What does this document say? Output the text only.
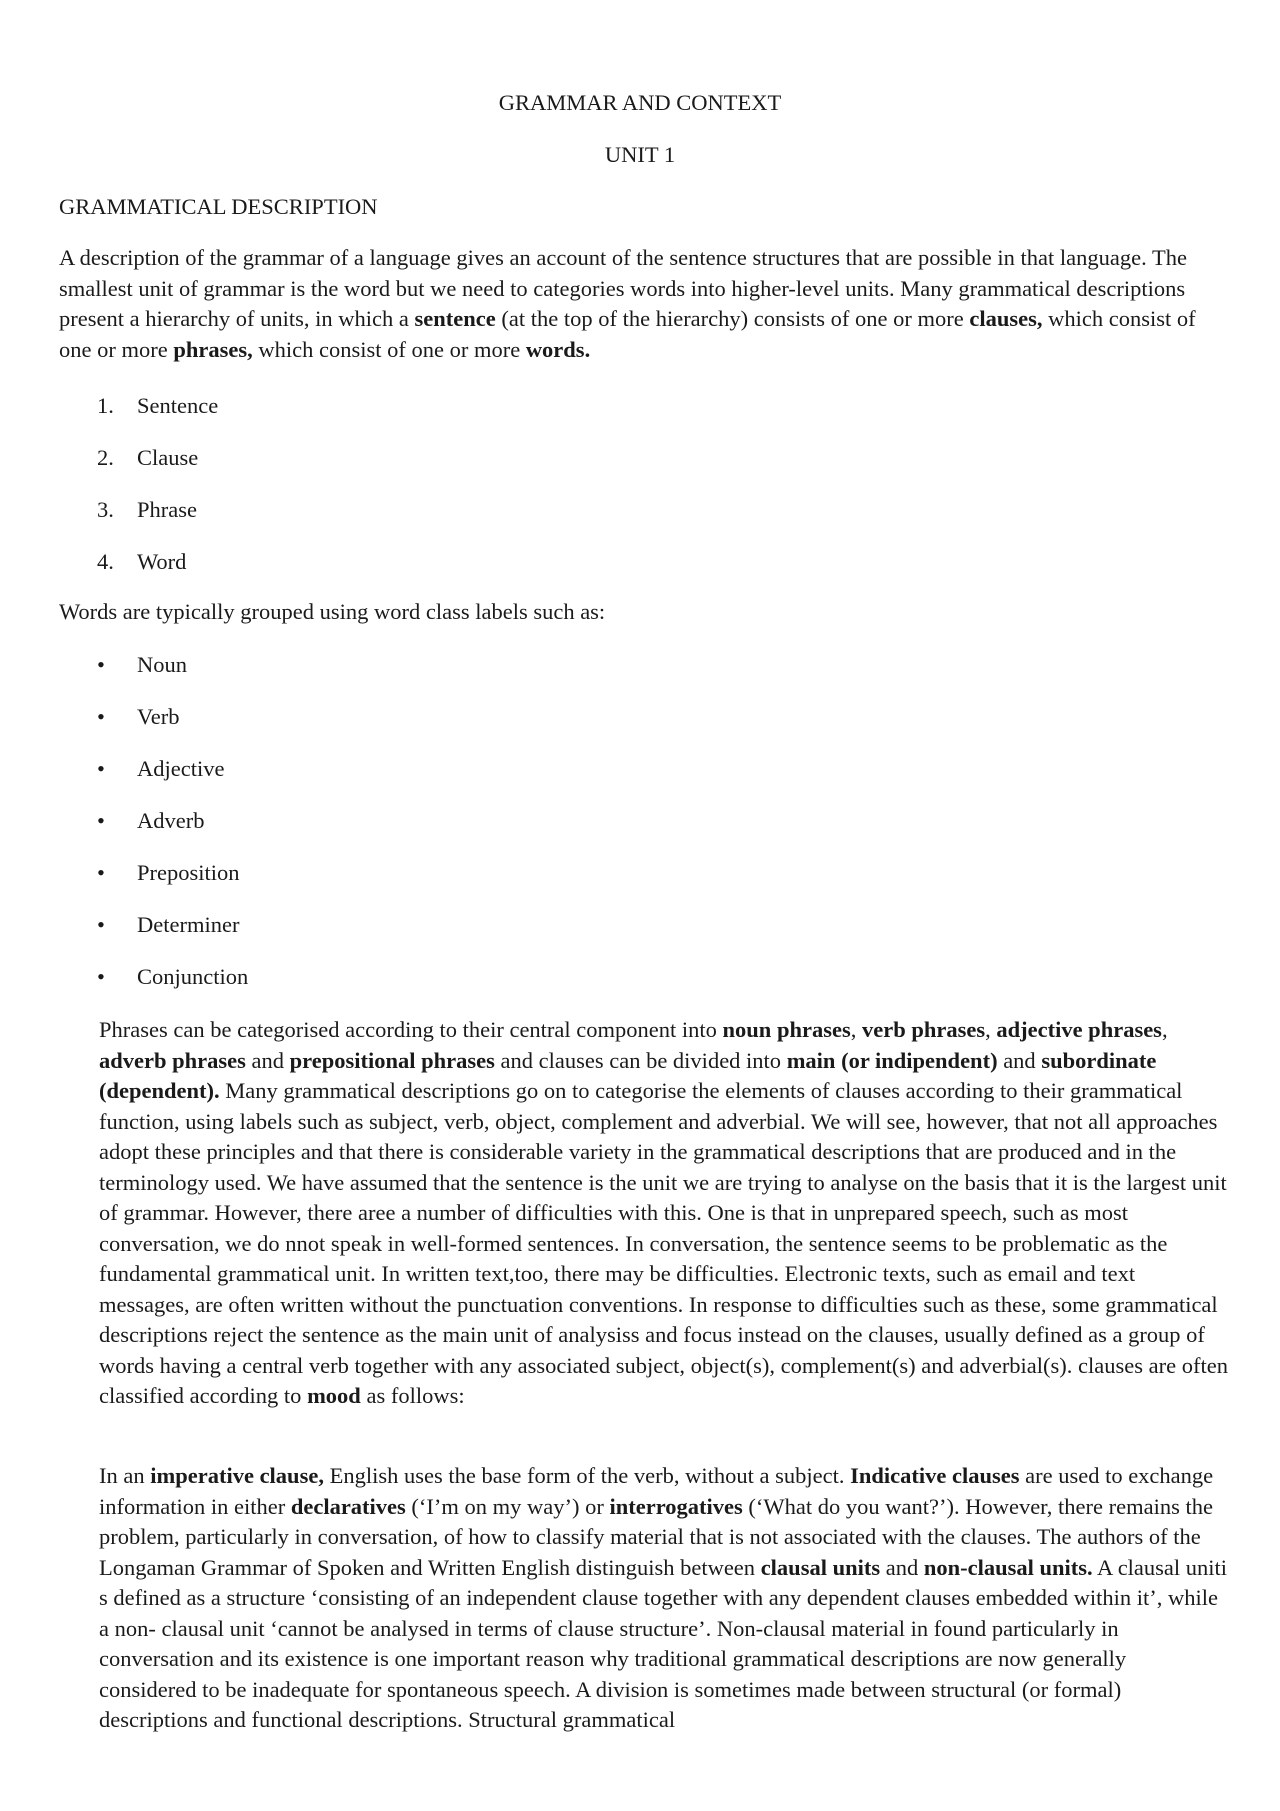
GRAMMAR AND CONTEXT
UNIT 1
GRAMMATICAL DESCRIPTION

A description of the grammar of a language gives an account of the sentence structures that are possible in that language. The smallest unit of grammar is the word but we need to categories words into higher-level units. Many grammatical descriptions present a hierarchy of units, in which a sentence (at the top of the hierarchy) consists of one or more clauses, which consist of one or more phrases, which consist of one or more words.

1.	Sentence
2.	Clause
3.	Phrase
4.	Word

Words are typically grouped using word class labels such as:

•	Noun
•	Verb
•	Adjective
•	Adverb
•	Preposition
•	Determiner
•	Conjunction

Phrases can be categorised according to their central component into noun phrases, verb phrases, adjective phrases, adverb phrases and prepositional phrases and clauses can be divided into main (or indipendent) and subordinate (dependent). Many grammatical descriptions go on to categorise the elements of clauses according to their grammatical function, using labels such as subject, verb, object, complement and adverbial. We will see, however, that not all approaches adopt these principles and that there is considerable variety in the grammatical descriptions that are produced and in the terminology used. We have assumed that the sentence is the unit we are trying to analyse on the basis that it is the largest unit of grammar. However, there aree a number of difficulties with this. One is that in unprepared speech, such as most conversation, we do nnot speak in well-formed sentences. In conversation, the sentence seems to be problematic as the fundamental grammatical unit. In written text,too, there may be difficulties. Electronic texts, such as email and text messages, are often written without the punctuation conventions. In response to difficulties such as these, some grammatical descriptions reject the sentence as the main unit of analysiss and focus instead on the clauses, usually defined as a group of words having a central verb together with any associated subject, object(s), complement(s) and adverbial(s). clauses are often classified according to mood as follows:

In an imperative clause, English uses the base form of the verb, without a subject. Indicative clauses are used to exchange information in either declaratives (‘I’m on my way’) or interrogatives (‘What do you want?’). However, there remains the problem, particularly in conversation, of how to classify material that is not associated with the clauses. The authors of the Longaman Grammar of Spoken and Written English distinguish between clausal units and non-clausal units. A clausal uniti s defined as a structure ‘consisting of an independent clause together with any dependent clauses embedded within it’, while a non- clausal unit ‘cannot be analysed in terms of clause structure’. Non-clausal material in found particularly in conversation and its existence is one important reason why traditional grammatical descriptions are now generally considered to be inadequate for spontaneous speech. A division is sometimes made between structural (or formal) descriptions and functional descriptions. Structural grammatical
